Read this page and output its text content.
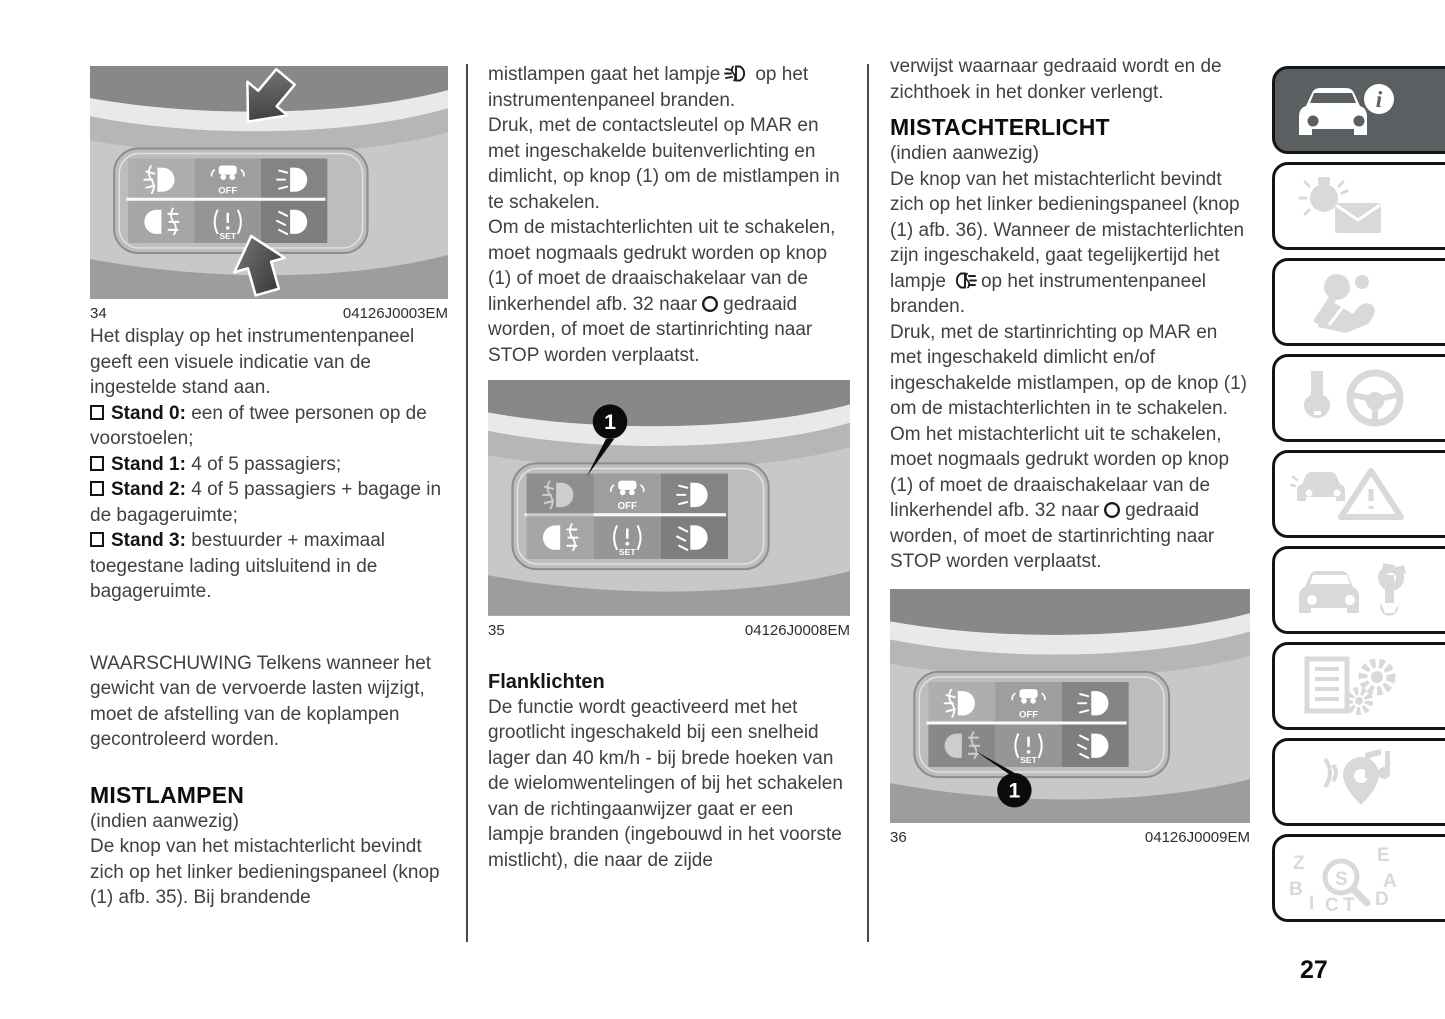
34	04126J0003EM

Het display op het instrumentenpaneel geeft een visuele indicatie van de ingestelde stand aan.

Stand 0: een of twee personen op de voorstoelen;

Stand 1: 4 of 5 passagiers;

Stand 2: 4 of 5 passagiers + bagage in de bagageruimte;

Stand 3: bestuurder + maximaal toegestane lading uitsluitend in de bagageruimte.

WAARSCHUWING Telkens wanneer het gewicht van de vervoerde lasten wijzigt, moet de afstelling van de koplampen gecontroleerd worden.

MISTLAMPEN

(indien aanwezig)

De knop van het mistachterlicht bevindt zich op het linker bedieningspaneel (knop (1) afb. 35). Bij brandende

mistlampen gaat het lampje op het instrumentenpaneel branden.

Druk, met de contactsleutel op MAR en met ingeschakelde buitenverlichting en dimlicht, op knop (1) om de mistlampen in te schakelen.

Om de mistachterlichten uit te schakelen, moet nogmaals gedrukt worden op knop (1) of moet de draaischakelaar van de linkerhendel afb. 32 naar gedraaid worden, of moet de startinrichting naar STOP worden verplaatst.

1
35	04126J0008EM
Flanklichten

De functie wordt geactiveerd met het grootlicht ingeschakeld bij een snelheid lager dan 40 km/h - bij brede hoeken van de wielomwentelingen of bij het schakelen van de richtingaanwijzer gaat er een lampje branden (ingebouwd in het voorste mistlicht), die naar de zijde

verwijst waarnaar gedraaid wordt en de zichthoek in het donker verlengt.

MISTACHTERLICHT

(indien aanwezig)

De knop van het mistachterlicht bevindt zich op het linker bedieningspaneel (knop (1) afb. 36). Wanneer de mistachterlichten zijn ingeschakeld, gaat tegelijkertijd het lampje op het instrumentenpaneel branden.

Druk, met de startinrichting op MAR en met ingeschakeld dimlicht en/of ingeschakelde mistlampen, op de knop (1) om de mistachterlichten in te schakelen.

Om het mistachterlicht uit te schakelen, moet nogmaals gedrukt worden op knop (1) of moet de draaischakelaar van de linkerhendel afb. 32 naar gedraaid worden, of moet de startinrichting naar STOP worden verplaatst.

1
36	04126J0009EM
i
Z	E
B	A
I C T D
S
27
